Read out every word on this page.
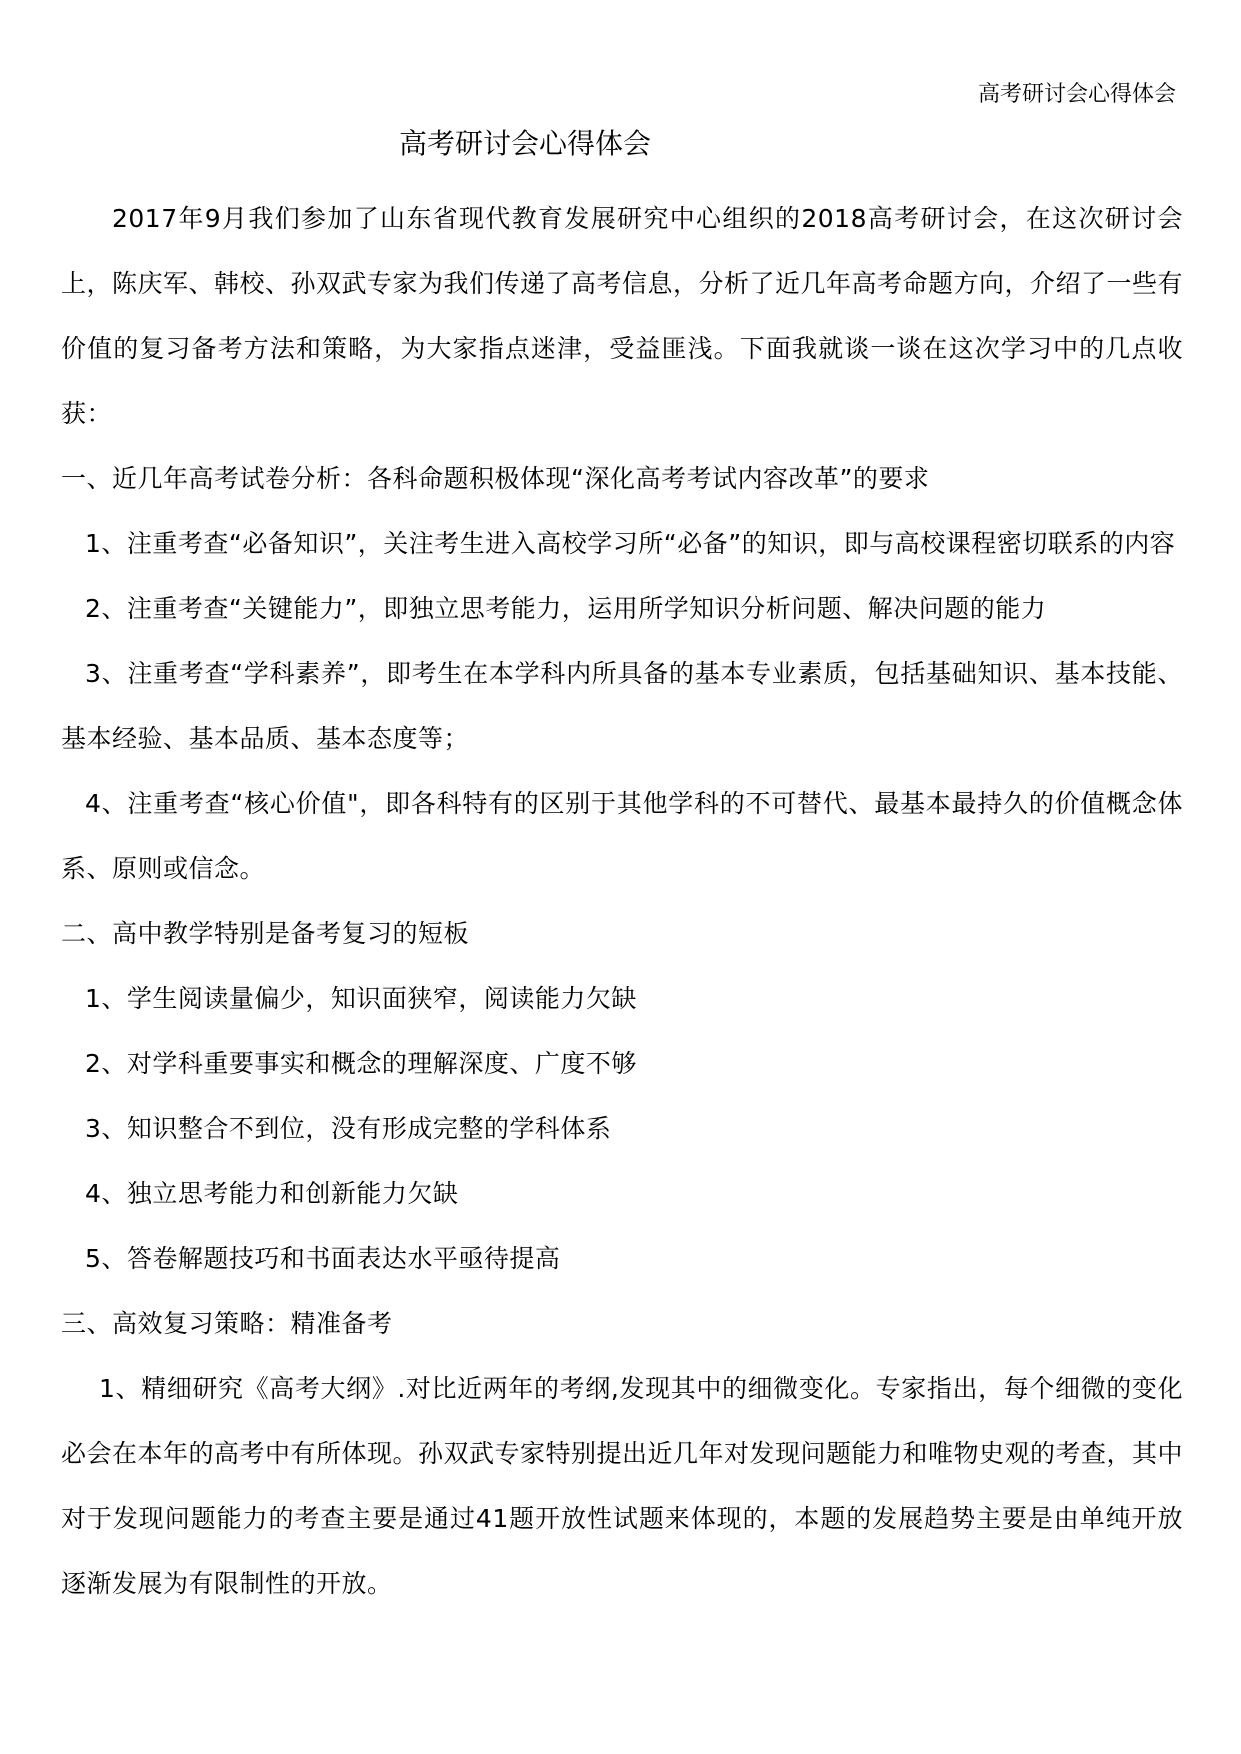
高考研讨会心得体会
高考研讨会心得体会

2017年9月我们参加了山东省现代教育发展研究中心组织的2018高考研讨会，在这次研讨会上，陈庆军、韩校、孙双武专家为我们传递了高考信息，分析了近几年高考命题方向，介绍了一些有价值的复习备考方法和策略，为大家指点迷津，受益匪浅。下面我就谈一谈在这次学习中的几点收获：

一、近几年高考试卷分析：各科命题积极体现“深化高考考试内容改革”的要求

1、注重考查“必备知识”，关注考生进入高校学习所“必备”的知识，即与高校课程密切联系的内容

2、注重考查“关键能力”，即独立思考能力，运用所学知识分析问题、解决问题的能力

3、注重考查“学科素养”，即考生在本学科内所具备的基本专业素质，包括基础知识、基本技能、基本经验、基本品质、基本态度等；

4、注重考查“核心价值"，即各科特有的区别于其他学科的不可替代、最基本最持久的价值概念体系、原则或信念。

二、高中教学特别是备考复习的短板

1、学生阅读量偏少，知识面狭窄，阅读能力欠缺

2、对学科重要事实和概念的理解深度、广度不够

3、知识整合不到位，没有形成完整的学科体系

4、独立思考能力和创新能力欠缺

5、答卷解题技巧和书面表达水平亟待提高

三、高效复习策略：精准备考

1、精细研究《高考大纲》.对比近两年的考纲,发现其中的细微变化。专家指出，每个细微的变化必会在本年的高考中有所体现。孙双武专家特别提出近几年对发现问题能力和唯物史观的考查，其中对于发现问题能力的考查主要是通过41题开放性试题来体现的，本题的发展趋势主要是由单纯开放逐渐发展为有限制性的开放。
